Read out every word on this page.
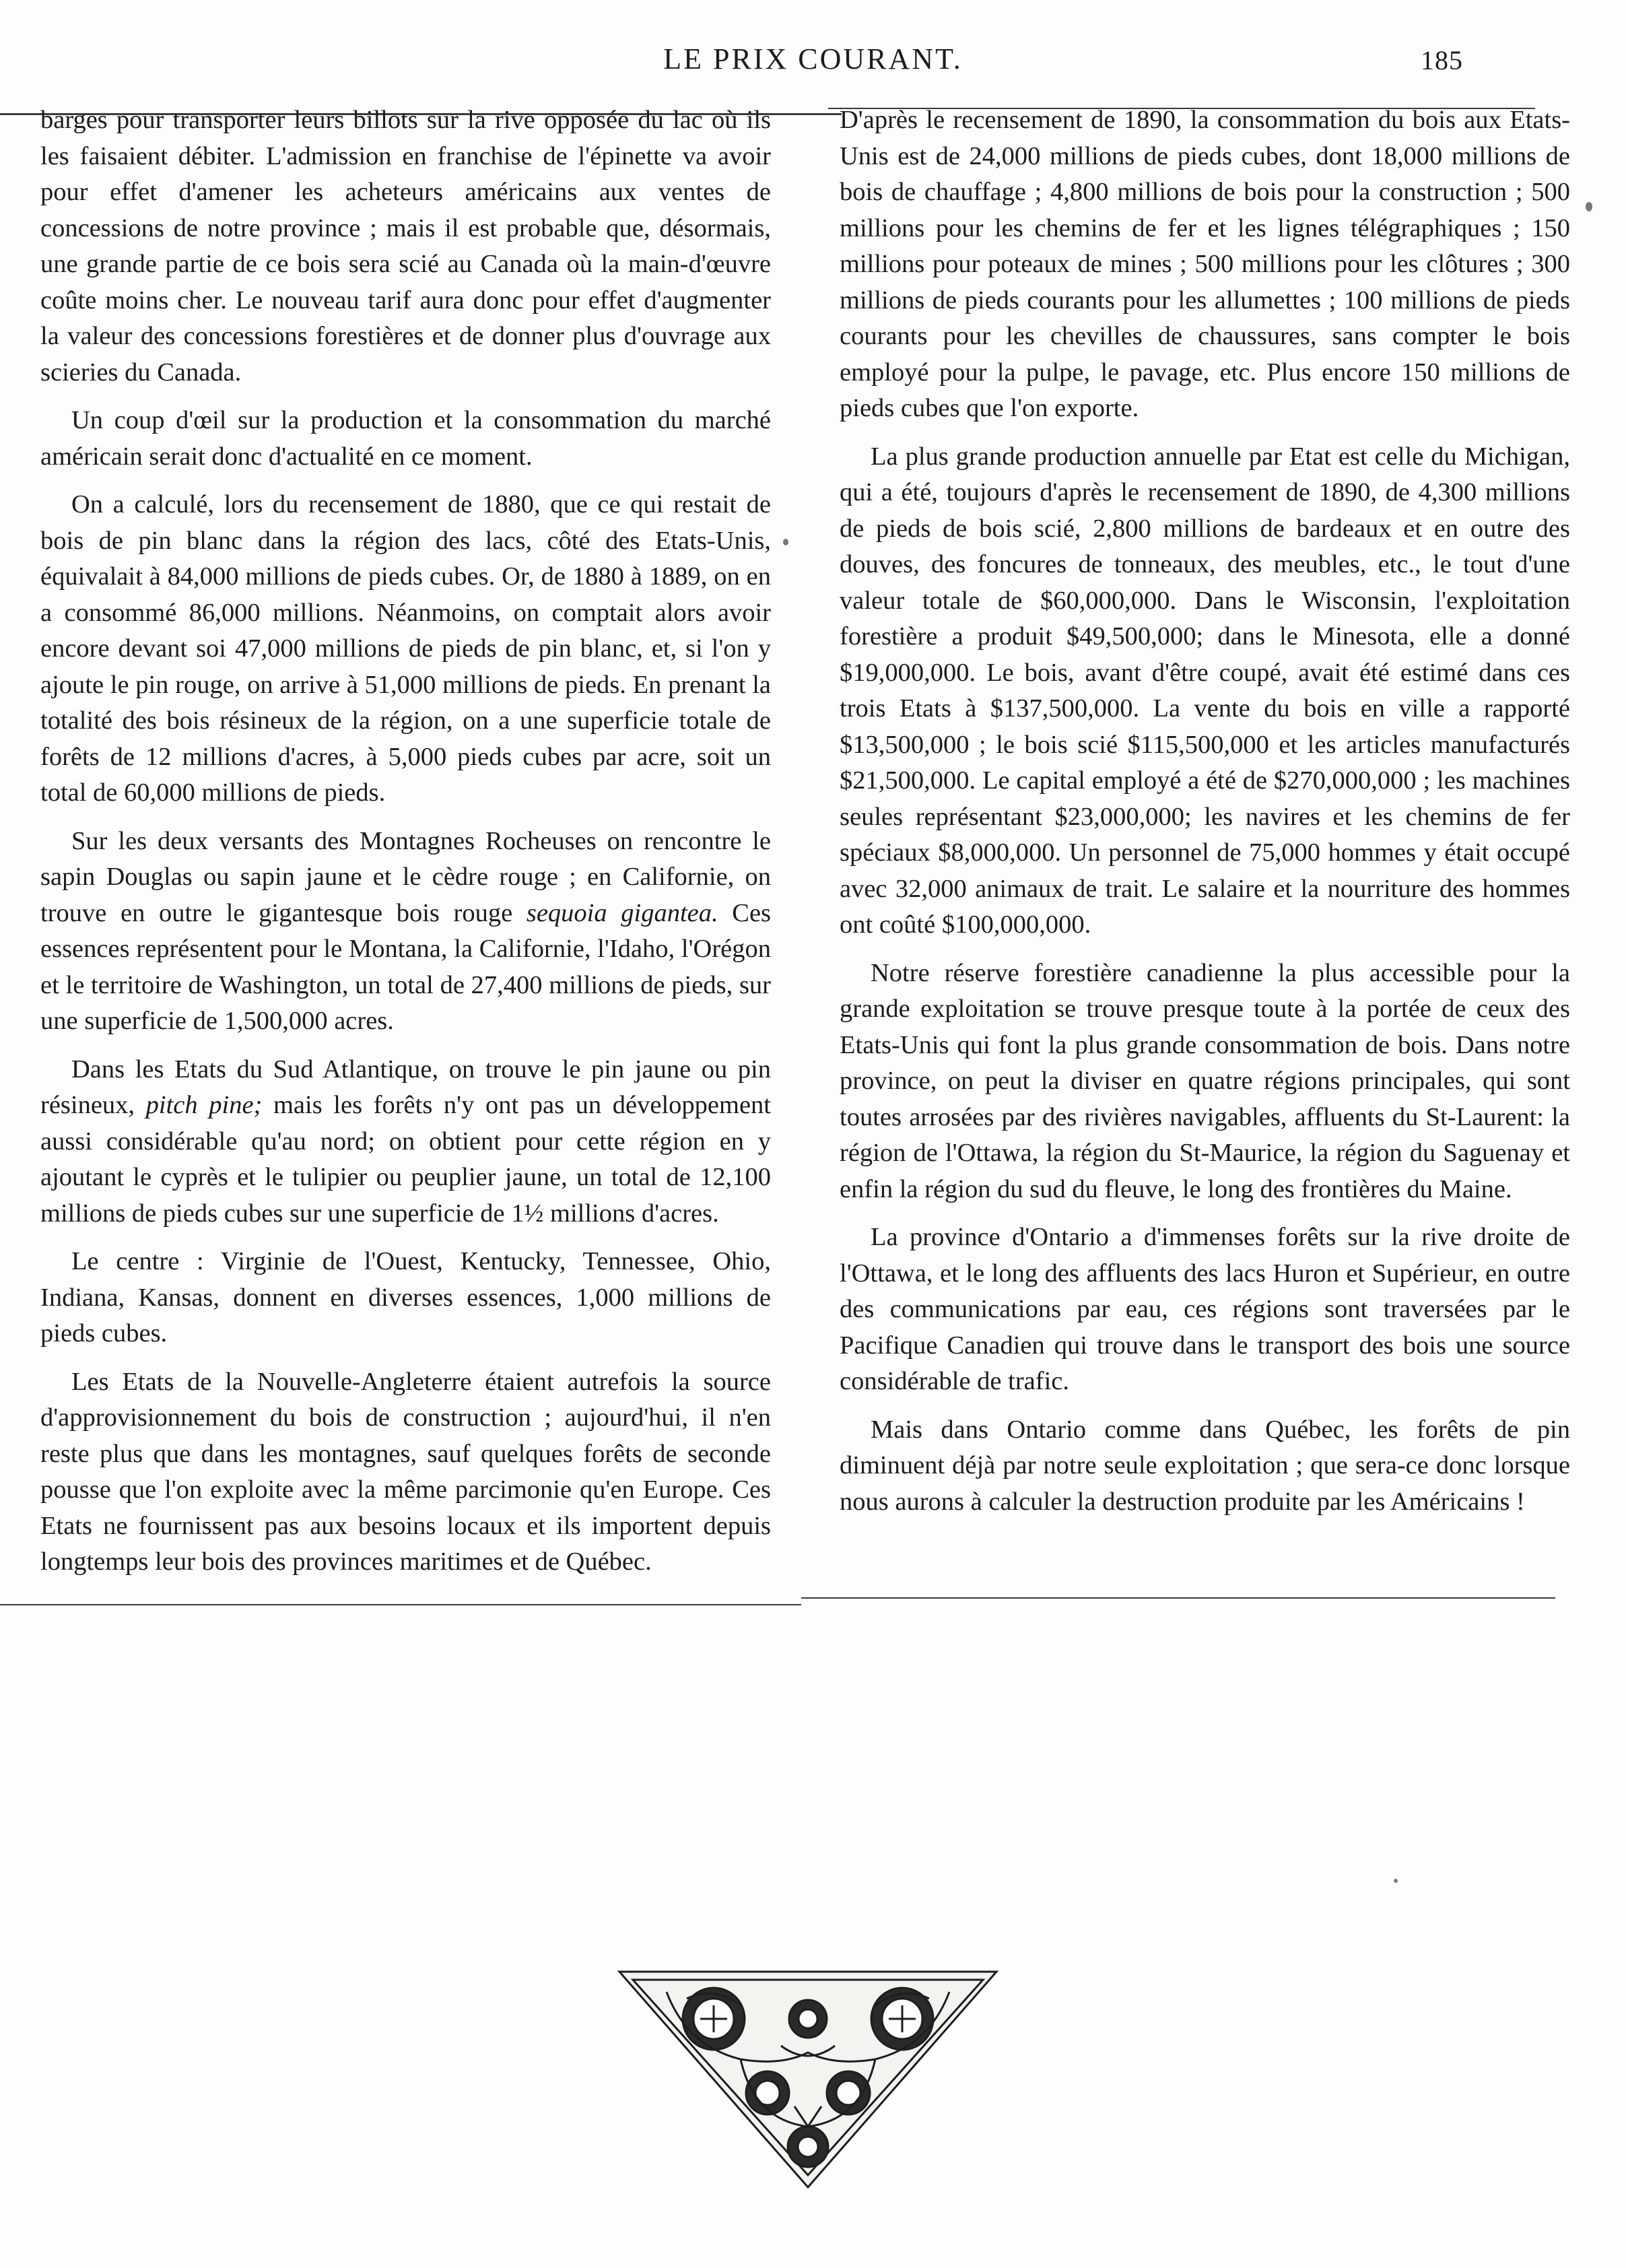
LE PRIX COURANT.	185

barges pour transporter leurs billots sur la rive opposée du lac où ils les faisaient débiter. L'admission en franchise de l'épinette va avoir pour effet d'amener les acheteurs américains aux ventes de concessions de notre province ; mais il est probable que, désormais, une grande partie de ce bois sera scié au Canada où la main-d'œuvre coûte moins cher. Le nouveau tarif aura donc pour effet d'augmenter la valeur des concessions forestières et de donner plus d'ouvrage aux scieries du Canada.

Un coup d'œil sur la production et la consommation du marché américain serait donc d'actualité en ce moment.

On a calculé, lors du recensement de 1880, que ce qui restait de bois de pin blanc dans la région des lacs, côté des Etats-Unis, équivalait à 84,000 millions de pieds cubes. Or, de 1880 à 1889, on en a consommé 86,000 millions. Néanmoins, on comptait alors avoir encore devant soi 47,000 millions de pieds de pin blanc, et, si l'on y ajoute le pin rouge, on arrive à 51,000 millions de pieds. En prenant la totalité des bois résineux de la région, on a une superficie totale de forêts de 12 millions d'acres, à 5,000 pieds cubes par acre, soit un total de 60,000 millions de pieds.

Sur les deux versants des Montagnes Rocheuses on rencontre le sapin Douglas ou sapin jaune et le cèdre rouge ; en Californie, on trouve en outre le gigantesque bois rouge sequoia gigantea. Ces essences représentent pour le Montana, la Californie, l'Idaho, l'Orégon et le territoire de Washington, un total de 27,400 millions de pieds, sur une superficie de 1,500,000 acres.

Dans les Etats du Sud Atlantique, on trouve le pin jaune ou pin résineux, pitch pine; mais les forêts n'y ont pas un développement aussi considérable qu'au nord; on obtient pour cette région en y ajoutant le cyprès et le tulipier ou peuplier jaune, un total de 12,100 millions de pieds cubes sur une superficie de 1½ millions d'acres.

Le centre : Virginie de l'Ouest, Kentucky, Tennessee, Ohio, Indiana, Kansas, donnent en diverses essences, 1,000 millions de pieds cubes.

Les Etats de la Nouvelle-Angleterre étaient autrefois la source d'approvisionnement du bois de construction ; aujourd'hui, il n'en reste plus que dans les montagnes, sauf quelques forêts de seconde pousse que l'on exploite avec la même parcimonie qu'en Europe. Ces Etats ne fournissent pas aux besoins locaux et ils importent depuis longtemps leur bois des provinces maritimes et de Québec.

D'après le recensement de 1890, la consommation du bois aux Etats-Unis est de 24,000 millions de pieds cubes, dont 18,000 millions de bois de chauffage ; 4,800 millions de bois pour la construction ; 500 millions pour les chemins de fer et les lignes télégraphiques ; 150 millions pour poteaux de mines ; 500 millions pour les clôtures ; 300 millions de pieds courants pour les allumettes ; 100 millions de pieds courants pour les chevilles de chaussures, sans compter le bois employé pour la pulpe, le pavage, etc. Plus encore 150 millions de pieds cubes que l'on exporte.

La plus grande production annuelle par Etat est celle du Michigan, qui a été, toujours d'après le recensement de 1890, de 4,300 millions de pieds de bois scié, 2,800 millions de bardeaux et en outre des douves, des foncures de tonneaux, des meubles, etc., le tout d'une valeur totale de $60,000,000. Dans le Wisconsin, l'exploitation forestière a produit $49,500,000; dans le Minesota, elle a donné $19,000,000. Le bois, avant d'être coupé, avait été estimé dans ces trois Etats à $137,500,000. La vente du bois en ville a rapporté $13,500,000 ; le bois scié $115,500,000 et les articles manufacturés $21,500,000. Le capital employé a été de $270,000,000 ; les machines seules représentant $23,000,000; les navires et les chemins de fer spéciaux $8,000,000. Un personnel de 75,000 hommes y était occupé avec 32,000 animaux de trait. Le salaire et la nourriture des hommes ont coûté $100,000,000.

Notre réserve forestière canadienne la plus accessible pour la grande exploitation se trouve presque toute à la portée de ceux des Etats-Unis qui font la plus grande consommation de bois. Dans notre province, on peut la diviser en quatre régions principales, qui sont toutes arrosées par des rivières navigables, affluents du St-Laurent: la région de l'Ottawa, la région du St-Maurice, la région du Saguenay et enfin la région du sud du fleuve, le long des frontières du Maine.

La province d'Ontario a d'immenses forêts sur la rive droite de l'Ottawa, et le long des affluents des lacs Huron et Supérieur, en outre des communications par eau, ces régions sont traversées par le Pacifique Canadien qui trouve dans le transport des bois une source considérable de trafic.

Mais dans Ontario comme dans Québec, les forêts de pin diminuent déjà par notre seule exploitation ; que sera-ce donc lorsque nous aurons à calculer la destruction produite par les Américains !
